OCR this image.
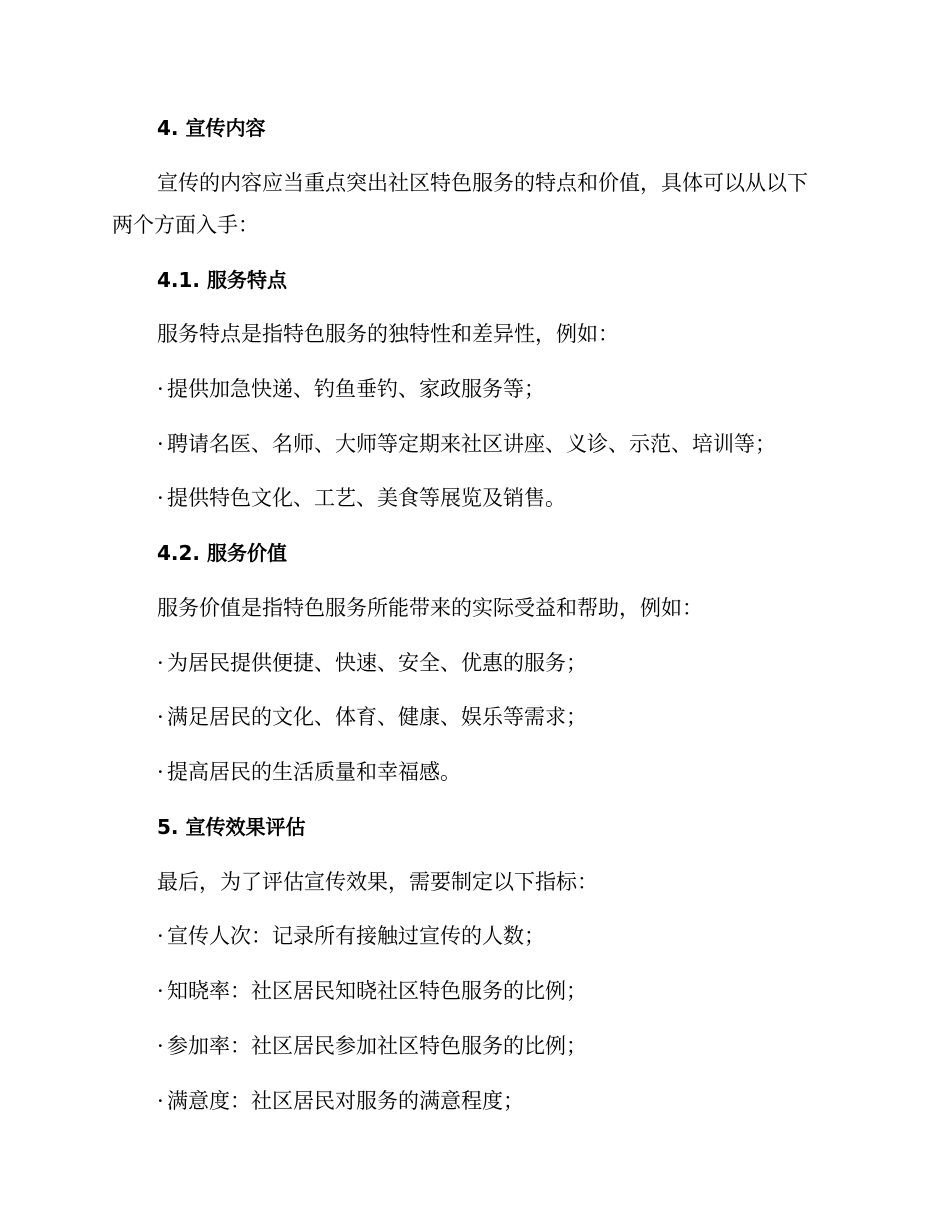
4. 宣传内容
宣传的内容应当重点突出社区特色服务的特点和价值，具体可以从以下
两个方面入手：
4.1. 服务特点
服务特点是指特色服务的独特性和差异性，例如：
· 提供加急快递、钓鱼垂钓、家政服务等；
· 聘请名医、名师、大师等定期来社区讲座、义诊、示范、培训等；
· 提供特色文化、工艺、美食等展览及销售。
4.2. 服务价值
服务价值是指特色服务所能带来的实际受益和帮助，例如：
· 为居民提供便捷、快速、安全、优惠的服务；
· 满足居民的文化、体育、健康、娱乐等需求；
· 提高居民的生活质量和幸福感。
5. 宣传效果评估
最后，为了评估宣传效果，需要制定以下指标：
· 宣传人次：记录所有接触过宣传的人数；
· 知晓率：社区居民知晓社区特色服务的比例；
· 参加率：社区居民参加社区特色服务的比例；
· 满意度：社区居民对服务的满意程度；
